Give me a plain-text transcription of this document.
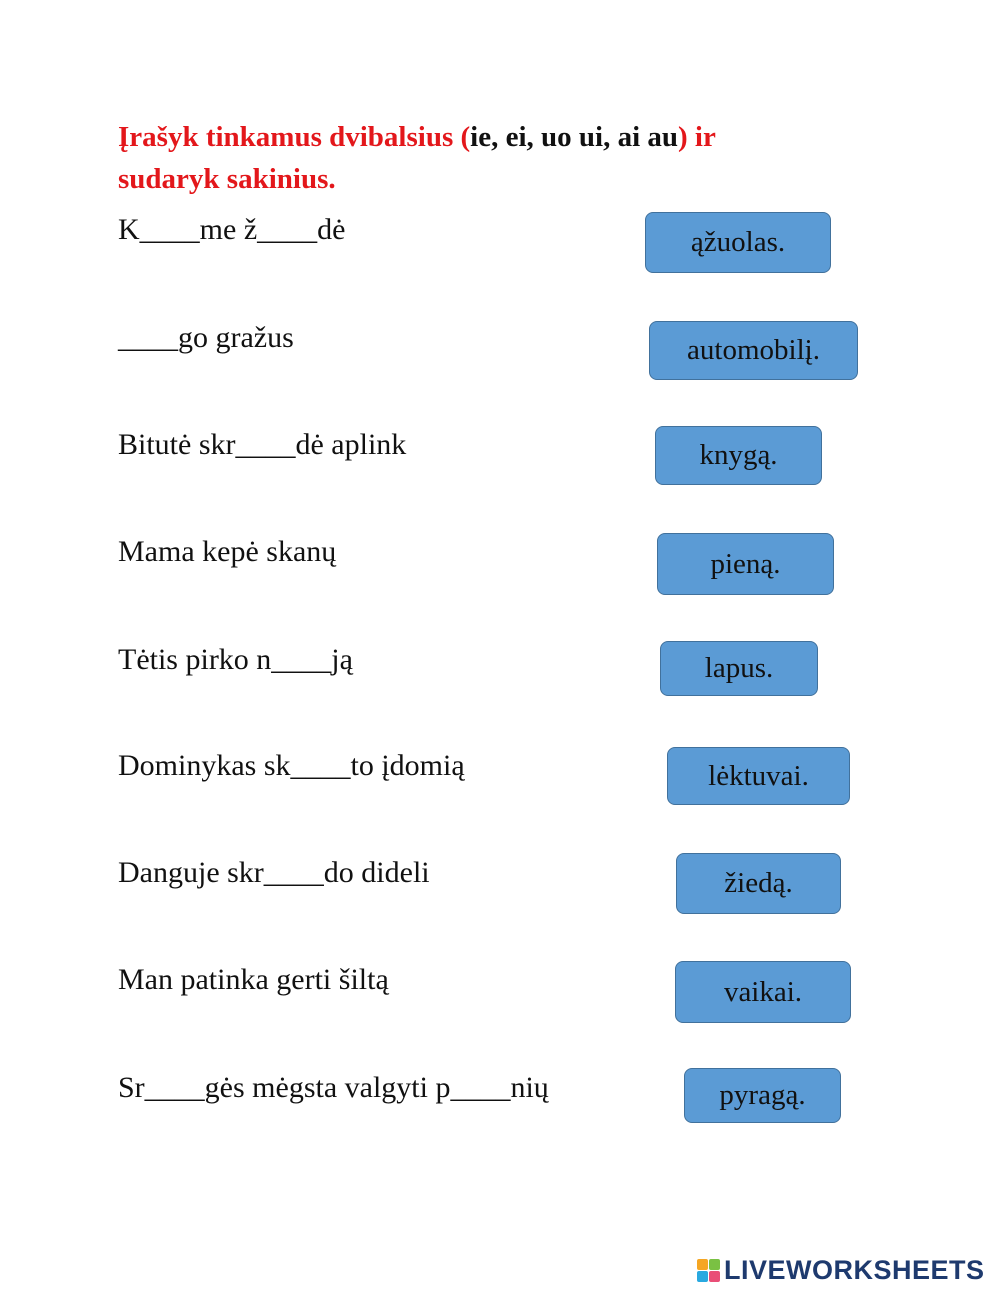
Įrašyk tinkamus dvibalsius (ie, ei, uo ui, ai au) ir
sudaryk sakinius.
K____me ž____dė
____go gražus
Bitutė skr____dė aplink
Mama kepė skanų
Tėtis pirko n____ją
Dominykas sk____to įdomią
Danguje skr____do dideli
Man patinka gerti šiltą
Sr____gės mėgsta valgyti p____nių
ąžuolas.
automobilį.
knygą.
pieną.
lapus.
lėktuvai.
žiedą.
vaikai.
pyragą.
LIVEWORKSHEETS
